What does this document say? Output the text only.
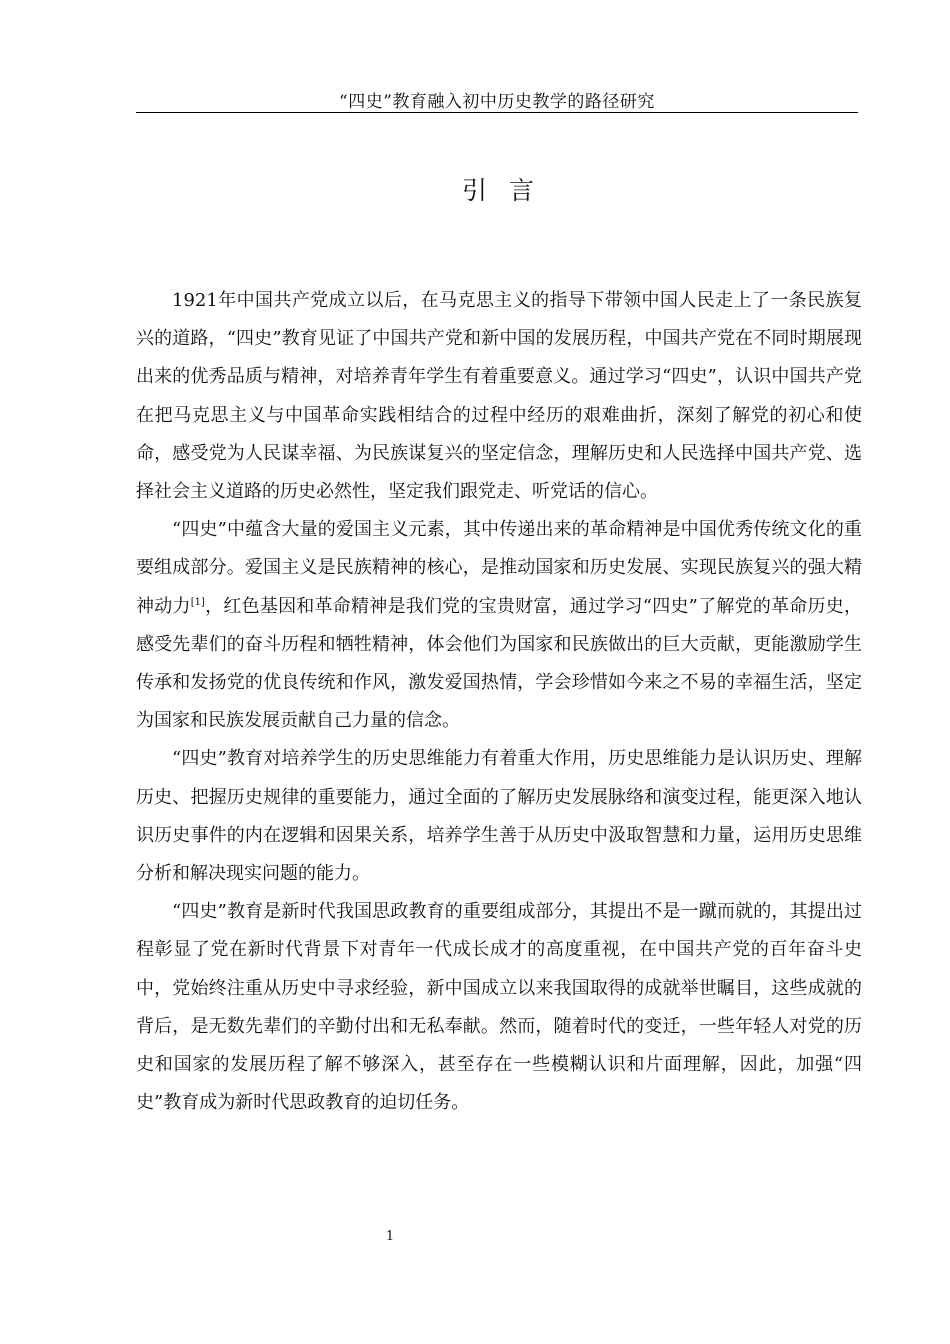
“四史”教育融入初中历史教学的路径研究
引言

1921年中国共产党成立以后，在马克思主义的指导下带领中国人民走上了一条民族复兴的道路，“四史”教育见证了中国共产党和新中国的发展历程，中国共产党在不同时期展现出来的优秀品质与精神，对培养青年学生有着重要意义。通过学习“四史”，认识中国共产党在把马克思主义与中国革命实践相结合的过程中经历的艰难曲折，深刻了解党的初心和使命，感受党为人民谋幸福、为民族谋复兴的坚定信念，理解历史和人民选择中国共产党、选择社会主义道路的历史必然性，坚定我们跟党走、听党话的信心。

“四史”中蕴含大量的爱国主义元素，其中传递出来的革命精神是中国优秀传统文化的重要组成部分。爱国主义是民族精神的核心，是推动国家和历史发展、实现民族复兴的强大精神动力[1]，红色基因和革命精神是我们党的宝贵财富，通过学习“四史”了解党的革命历史，感受先辈们的奋斗历程和牺牲精神，体会他们为国家和民族做出的巨大贡献，更能激励学生传承和发扬党的优良传统和作风，激发爱国热情，学会珍惜如今来之不易的幸福生活，坚定为国家和民族发展贡献自己力量的信念。

“四史”教育对培养学生的历史思维能力有着重大作用，历史思维能力是认识历史、理解历史、把握历史规律的重要能力，通过全面的了解历史发展脉络和演变过程，能更深入地认识历史事件的内在逻辑和因果关系，培养学生善于从历史中汲取智慧和力量，运用历史思维分析和解决现实问题的能力。

“四史”教育是新时代我国思政教育的重要组成部分，其提出不是一蹴而就的，其提出过程彰显了党在新时代背景下对青年一代成长成才的高度重视，在中国共产党的百年奋斗史中，党始终注重从历史中寻求经验，新中国成立以来我国取得的成就举世瞩目，这些成就的背后，是无数先辈们的辛勤付出和无私奉献。然而，随着时代的变迁，一些年轻人对党的历史和国家的发展历程了解不够深入，甚至存在一些模糊认识和片面理解，因此，加强“四史”教育成为新时代思政教育的迫切任务。

1
